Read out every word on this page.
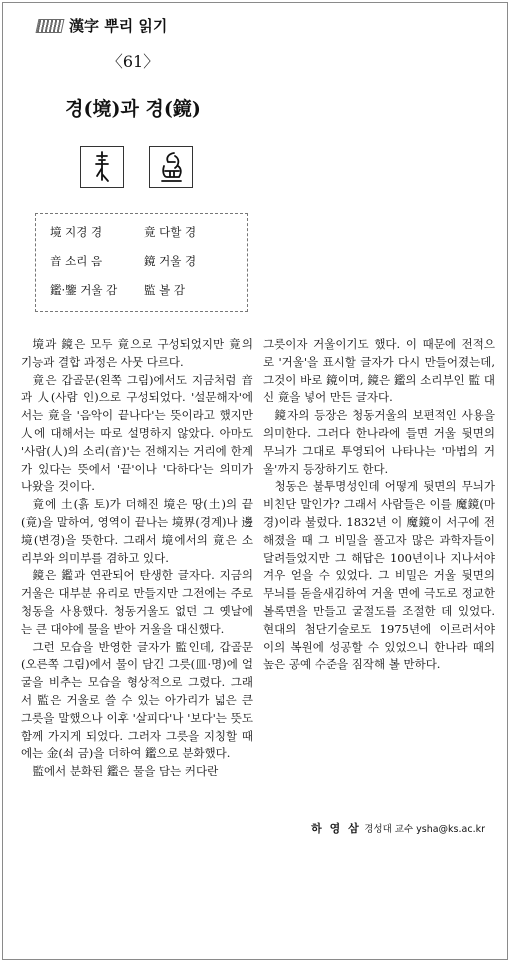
漢字 뿌리 읽기
〈61〉
경(境)과 경(鏡)
境 지경 경	竟 다할 경
音 소리 음	鏡 거울 경
鑑·鑒 거울 감 監 볼 감

境과 鏡은 모두 竟으로 구성되었지만 竟의 기능과 결합 과정은 사뭇 다르다.

竟은 갑골문(왼쪽 그림)에서도 지금처럼 音과 人(사람 인)으로 구성되었다. '설문해자'에서는 竟을 '음악이 끝나다'는 뜻이라고 했지만 人에 대해서는 따로 설명하지 않았다. 아마도 '사람(人)의 소리(音)'는 전해지는 거리에 한계가 있다는 뜻에서 '끝'이나 '다하다'는 의미가 나왔을 것이다.

竟에 土(흙 토)가 더해진 境은 땅(土)의 끝(竟)을 말하여, 영역이 끝나는 境界(경계)나 邊境(변경)을 뜻한다. 그래서 境에서의 竟은 소리부와 의미부를 겸하고 있다.

鏡은 鑑과 연관되어 탄생한 글자다. 지금의 거울은 대부분 유리로 만들지만 그전에는 주로 청동을 사용했다. 청동거울도 없던 그 옛날에는 큰 대야에 물을 받아 거울을 대신했다.

그런 모습을 반영한 글자가 監인데, 갑골문(오른쪽 그림)에서 물이 담긴 그릇(皿·명)에 얼굴을 비추는 모습을 형상적으로 그렸다. 그래서 監은 거울로 쓸 수 있는 아가리가 넓은 큰 그릇을 말했으나 이후 '살피다'나 '보다'는 뜻도 함께 가지게 되었다. 그러자 그릇을 지칭할 때에는 金(쇠 금)을 더하여 鑑으로 분화했다.

監에서 분화된 鑑은 물을 담는 커다란

그릇이자 거울이기도 했다. 이 때문에 전적으로 '거울'을 표시할 글자가 다시 만들어졌는데, 그것이 바로 鏡이며, 鏡은 鑑의 소리부인 監 대신 竟을 넣어 만든 글자다.

鏡자의 등장은 청동거울의 보편적인 사용을 의미한다. 그러다 한나라에 들면 거울 뒷면의 무늬가 그대로 투영되어 나타나는 '마법의 거울'까지 등장하기도 한다.

청동은 불투명성인데 어떻게 뒷면의 무늬가 비친단 말인가? 그래서 사람들은 이를 魔鏡(마경)이라 불렀다. 1832년 이 魔鏡이 서구에 전해졌을 때 그 비밀을 풀고자 많은 과학자들이 달려들었지만 그 해답은 100년이나 지나서야 겨우 얻을 수 있었다. 그 비밀은 거울 뒷면의 무늬를 돋을새김하여 거울 면에 극도로 정교한 볼록면을 만들고 굴절도를 조절한 데 있었다. 현대의 첨단기술로도 1975년에 이르러서야 이의 복원에 성공할 수 있었으니 한나라 때의 높은 공예 수준을 짐작해 볼 만하다.

하 영 삼 경성대 교수 ysha@ks.ac.kr
